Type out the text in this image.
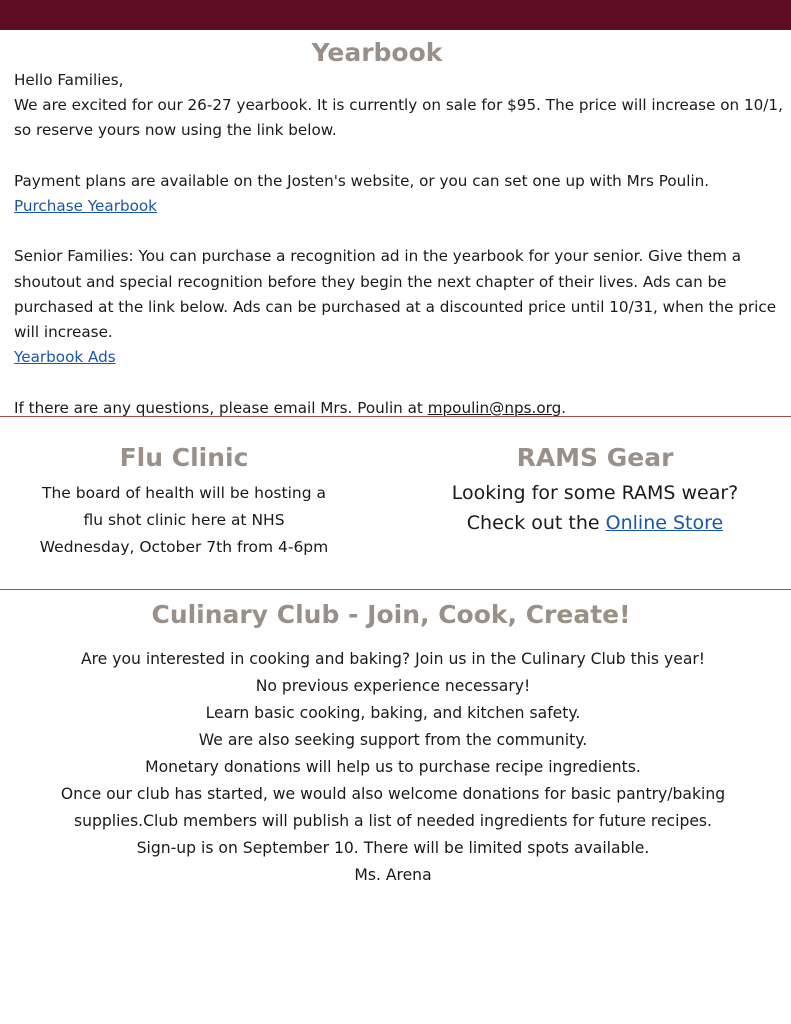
Yearbook

Hello Families,

We are excited for our 26-27 yearbook. It is currently on sale for $95. The price will increase on 10/1, so reserve yours now using the link below.

Payment plans are available on the Josten's website, or you can set one up with Mrs Poulin.

Purchase Yearbook

Senior Families: You can purchase a recognition ad in the yearbook for your senior. Give them a shoutout and special recognition before they begin the next chapter of their lives. Ads can be purchased at the link below. Ads can be purchased at a discounted price until 10/31, when the price will increase.

Yearbook Ads

If there are any questions, please email Mrs. Poulin at mpoulin@nps.org.

Flu Clinic
The board of health will be hosting a
flu shot clinic here at NHS
Wednesday, October 7th from 4-6pm
RAMS Gear
Looking for some RAMS wear?
Check out the Online Store
Culinary Club - Join, Cook, Create!
Are you interested in cooking and baking? Join us in the Culinary Club this year!
No previous experience necessary!
Learn basic cooking, baking, and kitchen safety.
We are also seeking support from the community.
Monetary donations will help us to purchase recipe ingredients.
Once our club has started, we would also welcome donations for basic pantry/baking
supplies.Club members will publish a list of needed ingredients for future recipes.
Sign-up is on September 10. There will be limited spots available.
Ms. Arena
